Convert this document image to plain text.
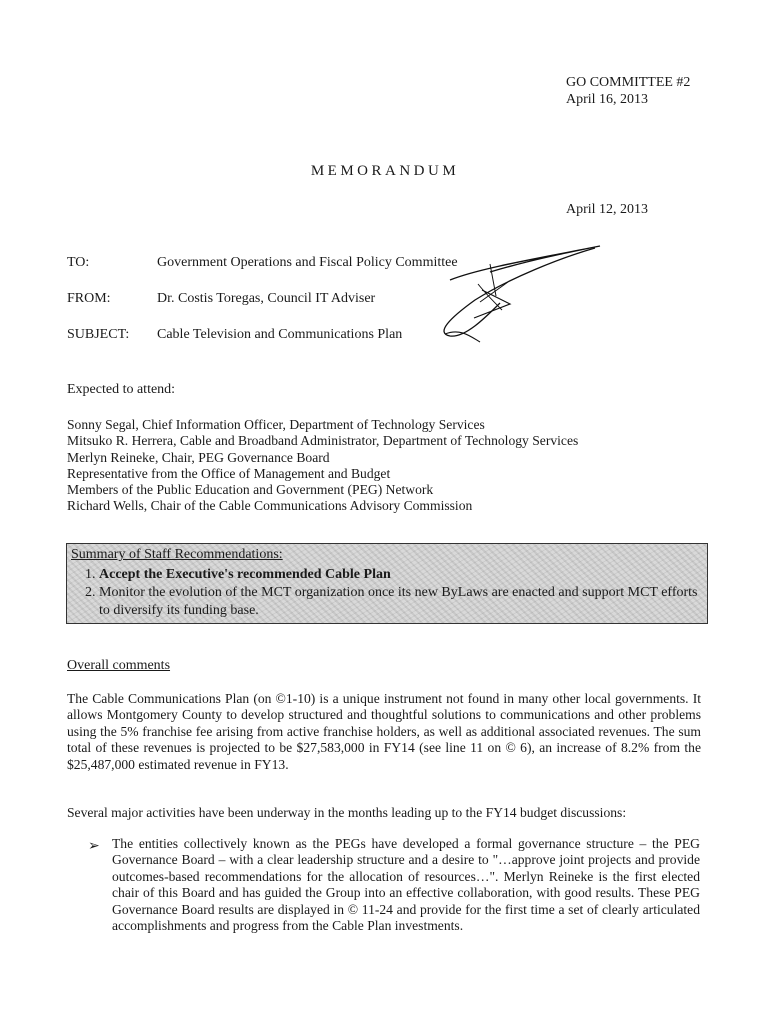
GO COMMITTEE #2
April 16, 2013
MEMORANDUM
April 12, 2013
TO:	Government Operations and Fiscal Policy Committee
FROM:	Dr. Costis Toregas, Council IT Adviser
SUBJECT: Cable Television and Communications Plan
Expected to attend:
Sonny Segal, Chief Information Officer, Department of Technology Services
Mitsuko R. Herrera, Cable and Broadband Administrator, Department of Technology Services
Merlyn Reineke, Chair, PEG Governance Board
Representative from the Office of Management and Budget
Members of the Public Education and Government (PEG) Network
Richard Wells, Chair of the Cable Communications Advisory Commission
Summary of Staff Recommendations:
1. Accept the Executive's recommended Cable Plan
2. Monitor the evolution of the MCT organization once its new ByLaws are enacted and support MCT efforts to diversify its funding base.
Overall comments
The Cable Communications Plan (on ©1-10) is a unique instrument not found in many other local governments. It allows Montgomery County to develop structured and thoughtful solutions to communications and other problems using the 5% franchise fee arising from active franchise holders, as well as additional associated revenues. The sum total of these revenues is projected to be $27,583,000 in FY14 (see line 11 on © 6), an increase of 8.2% from the $25,487,000 estimated revenue in FY13.
Several major activities have been underway in the months leading up to the FY14 budget discussions:
➢ The entities collectively known as the PEGs have developed a formal governance structure – the PEG Governance Board – with a clear leadership structure and a desire to "…approve joint projects and provide outcomes-based recommendations for the allocation of resources…". Merlyn Reineke is the first elected chair of this Board and has guided the Group into an effective collaboration, with good results. These PEG Governance Board results are displayed in © 11-24 and provide for the first time a set of clearly articulated accomplishments and progress from the Cable Plan investments.
